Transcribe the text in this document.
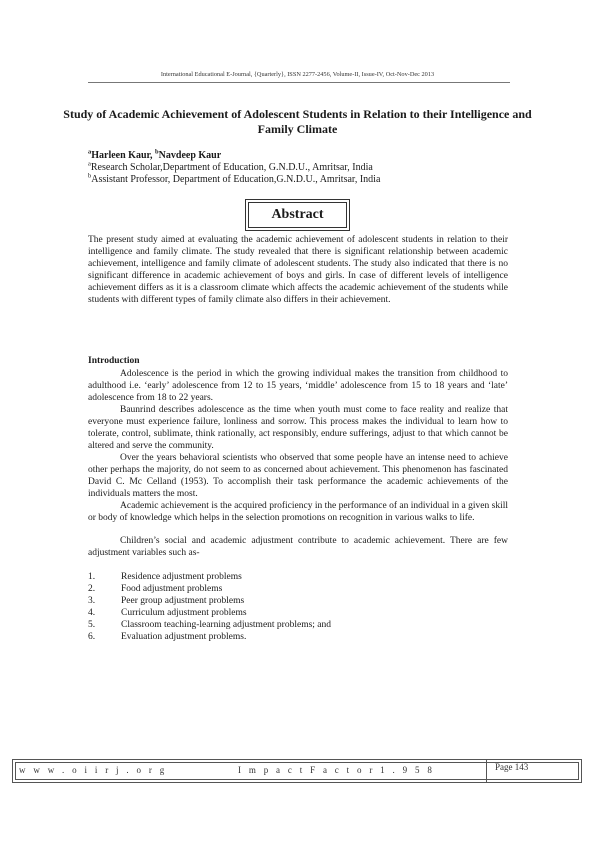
International Educational E-Journal, {Quarterly}, ISSN 2277-2456, Volume-II, Issue-IV, Oct-Nov-Dec 2013
Study of Academic Achievement of Adolescent Students in Relation to their Intelligence and Family Climate
$^a$Harleen Kaur, $^b$Navdeep Kaur
$^a$Research Scholar,Department of Education, G.N.D.U., Amritsar, India
$^b$Assistant Professor, Department of Education,G.N.D.U., Amritsar, India
Abstract

The present study aimed at evaluating the academic achievement of adolescent students in relation to their intelligence and family climate. The study revealed that there is significant relationship between academic achievement, intelligence and family climate of adolescent students. The study also indicated that there is no significant difference in academic achievement of boys and girls. In case of different levels of intelligence achievement differs as it is a classroom climate which affects the academic achievement of the students while students with different types of family climate also differs in their achievement.

Introduction

Adolescence is the period in which the growing individual makes the transition from childhood to adulthood i.e. ‘early’ adolescence from 12 to 15 years, ‘middle’ adolescence from 15 to 18 years and ‘late’ adolescence from 18 to 22 years.

Baunrind describes adolescence as the time when youth must come to face reality and realize that everyone must experience failure, lonliness and sorrow. This process makes the individual to learn how to tolerate, control, sublimate, think rationally, act responsibly, endure sufferings, adjust to that which cannot be altered and serve the community.

Over the years behavioral scientists who observed that some people have an intense need to achieve other perhaps the majority, do not seem to as concerned about achievement. This phenomenon has fascinated David C. Mc Celland (1953). To accomplish their task performance the academic achievements of the individuals matters the most.

Academic achievement is the acquired proficiency in the performance of an individual in a given skill or body of knowledge which helps in the selection promotions on recognition in various walks to life.

Children’s social and academic adjustment contribute to academic achievement. There are few adjustment variables such as-

1.	Residence adjustment problems
2.	Food adjustment problems
3.	Peer group adjustment problems
4.	Curriculum adjustment problems
5.	Classroom teaching-learning adjustment problems; and
6.	Evaluation adjustment problems.
w w w . o i i r j . o r g	I m p a c t F a c t o r 1 . 9 5 8	Page 143
